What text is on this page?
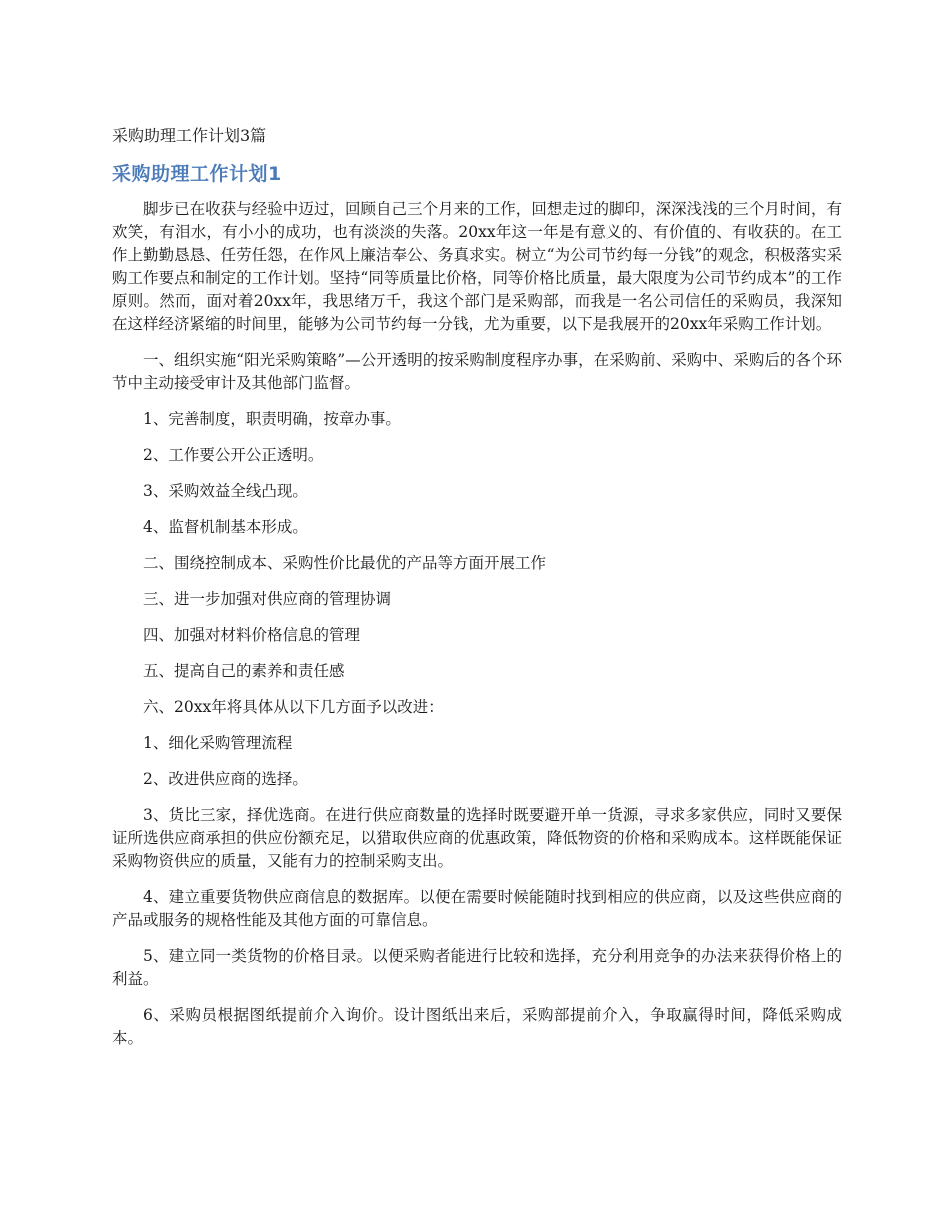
采购助理工作计划3篇
采购助理工作计划1

脚步已在收获与经验中迈过，回顾自己三个月来的工作，回想走过的脚印，深深浅浅的三个月时间，有欢笑，有泪水，有小小的成功，也有淡淡的失落。20xx年这一年是有意义的、有价值的、有收获的。在工作上勤勤恳恳、任劳任怨，在作风上廉洁奉公、务真求实。树立“为公司节约每一分钱”的观念，积极落实采购工作要点和制定的工作计划。坚持“同等质量比价格，同等价格比质量，最大限度为公司节约成本”的工作原则。然而，面对着20xx年，我思绪万千，我这个部门是采购部，而我是一名公司信任的采购员，我深知在这样经济紧缩的时间里，能够为公司节约每一分钱，尤为重要，以下是我展开的20xx年采购工作计划。

一、组织实施“阳光采购策略”—公开透明的按采购制度程序办事，在采购前、采购中、采购后的各个环节中主动接受审计及其他部门监督。

1、完善制度，职责明确，按章办事。

2、工作要公开公正透明。

3、采购效益全线凸现。

4、监督机制基本形成。

二、围绕控制成本、采购性价比最优的产品等方面开展工作

三、进一步加强对供应商的管理协调

四、加强对材料价格信息的管理

五、提高自己的素养和责任感

六、20xx年将具体从以下几方面予以改进：

1、细化采购管理流程

2、改进供应商的选择。

3、货比三家，择优选商。在进行供应商数量的选择时既要避开单一货源，寻求多家供应，同时又要保证所选供应商承担的供应份额充足，以猎取供应商的优惠政策，降低物资的价格和采购成本。这样既能保证采购物资供应的质量，又能有力的控制采购支出。

4、建立重要货物供应商信息的数据库。以便在需要时候能随时找到相应的供应商，以及这些供应商的产品或服务的规格性能及其他方面的可靠信息。

5、建立同一类货物的价格目录。以便采购者能进行比较和选择，充分利用竞争的办法来获得价格上的利益。

6、采购员根据图纸提前介入询价。设计图纸出来后，采购部提前介入，争取赢得时间，降低采购成本。
